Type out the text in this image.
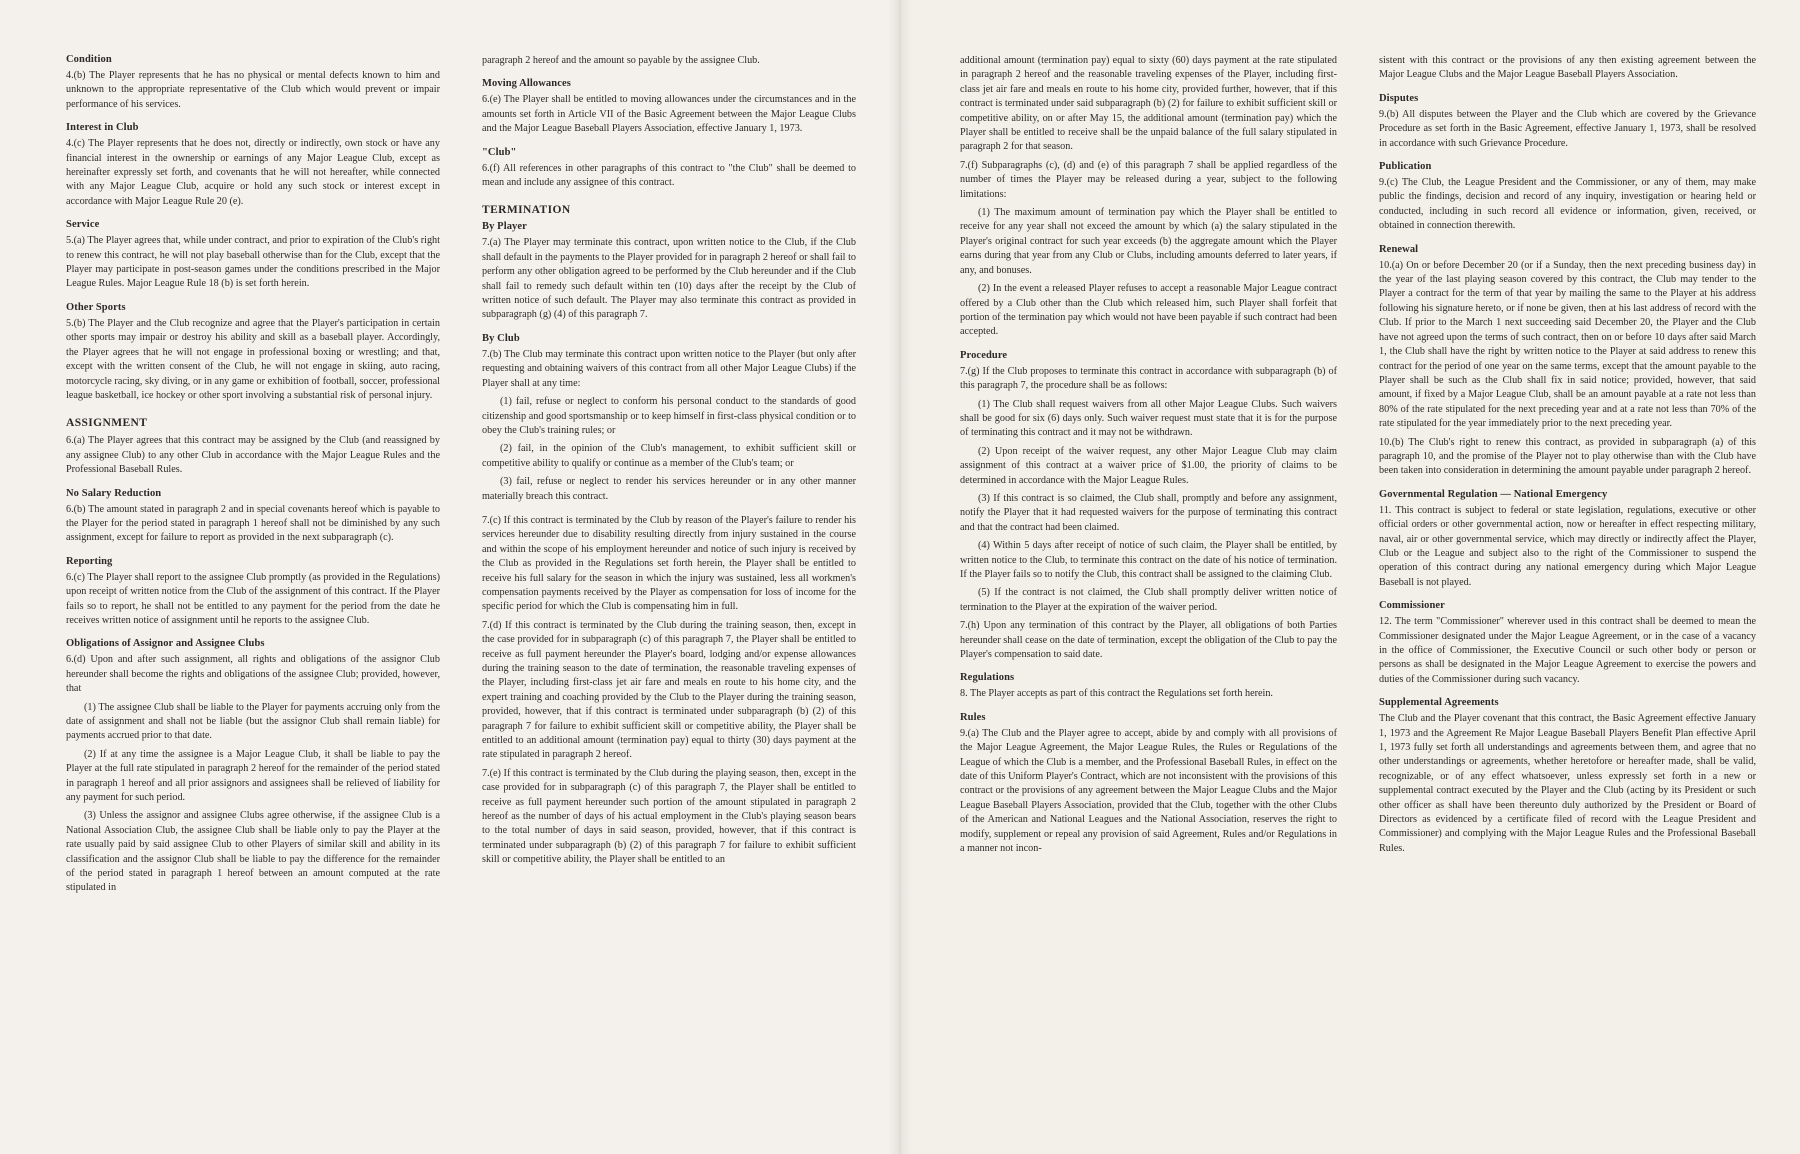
Condition

4.(b) The Player represents that he has no physical or mental defects known to him and unknown to the appropriate representative of the Club which would prevent or impair performance of his services.

Interest in Club

4.(c) The Player represents that he does not, directly or indirectly, own stock or have any financial interest in the ownership or earnings of any Major League Club, except as hereinafter expressly set forth, and covenants that he will not hereafter, while connected with any Major League Club, acquire or hold any such stock or interest except in accordance with Major League Rule 20 (e).

Service

5.(a) The Player agrees that, while under contract, and prior to expiration of the Club's right to renew this contract, he will not play baseball otherwise than for the Club, except that the Player may participate in post-season games under the conditions prescribed in the Major League Rules. Major League Rule 18 (b) is set forth herein.

Other Sports

5.(b) The Player and the Club recognize and agree that the Player's participation in certain other sports may impair or destroy his ability and skill as a baseball player. Accordingly, the Player agrees that he will not engage in professional boxing or wrestling; and that, except with the written consent of the Club, he will not engage in skiing, auto racing, motorcycle racing, sky diving, or in any game or exhibition of football, soccer, professional league basketball, ice hockey or other sport involving a substantial risk of personal injury.

ASSIGNMENT

6.(a) The Player agrees that this contract may be assigned by the Club (and reassigned by any assignee Club) to any other Club in accordance with the Major League Rules and the Professional Baseball Rules.

No Salary Reduction

6.(b) The amount stated in paragraph 2 and in special covenants hereof which is payable to the Player for the period stated in paragraph 1 hereof shall not be diminished by any such assignment, except for failure to report as provided in the next subparagraph (c).

Reporting

6.(c) The Player shall report to the assignee Club promptly (as provided in the Regulations) upon receipt of written notice from the Club of the assignment of this contract. If the Player fails so to report, he shall not be entitled to any payment for the period from the date he receives written notice of assignment until he reports to the assignee Club.

Obligations of Assignor and Assignee Clubs

6.(d) Upon and after such assignment, all rights and obligations of the assignor Club hereunder shall become the rights and obligations of the assignee Club; provided, however, that

(1) The assignee Club shall be liable to the Player for payments accruing only from the date of assignment and shall not be liable (but the assignor Club shall remain liable) for payments accrued prior to that date.

(2) If at any time the assignee is a Major League Club, it shall be liable to pay the Player at the full rate stipulated in paragraph 2 hereof for the remainder of the period stated in paragraph 1 hereof and all prior assignors and assignees shall be relieved of liability for any payment for such period.

(3) Unless the assignor and assignee Clubs agree otherwise, if the assignee Club is a National Association Club, the assignee Club shall be liable only to pay the Player at the rate usually paid by said assignee Club to other Players of similar skill and ability in its classification and the assignor Club shall be liable to pay the difference for the remainder of the period stated in paragraph 1 hereof between an amount computed at the rate stipulated in

paragraph 2 hereof and the amount so payable by the assignee Club.

Moving Allowances

6.(e) The Player shall be entitled to moving allowances under the circumstances and in the amounts set forth in Article VII of the Basic Agreement between the Major League Clubs and the Major League Baseball Players Association, effective January 1, 1973.

"Club"

6.(f) All references in other paragraphs of this contract to "the Club" shall be deemed to mean and include any assignee of this contract.

TERMINATION
By Player

7.(a) The Player may terminate this contract, upon written notice to the Club, if the Club shall default in the payments to the Player provided for in paragraph 2 hereof or shall fail to perform any other obligation agreed to be performed by the Club hereunder and if the Club shall fail to remedy such default within ten (10) days after the receipt by the Club of written notice of such default. The Player may also terminate this contract as provided in subparagraph (g) (4) of this paragraph 7.

By Club

7.(b) The Club may terminate this contract upon written notice to the Player (but only after requesting and obtaining waivers of this contract from all other Major League Clubs) if the Player shall at any time:

(1) fail, refuse or neglect to conform his personal conduct to the standards of good citizenship and good sportsmanship or to keep himself in first-class physical condition or to obey the Club's training rules; or

(2) fail, in the opinion of the Club's management, to exhibit sufficient skill or competitive ability to qualify or continue as a member of the Club's team; or

(3) fail, refuse or neglect to render his services hereunder or in any other manner materially breach this contract.

7.(c) If this contract is terminated by the Club by reason of the Player's failure to render his services hereunder due to disability resulting directly from injury sustained in the course and within the scope of his employment hereunder and notice of such injury is received by the Club as provided in the Regulations set forth herein, the Player shall be entitled to receive his full salary for the season in which the injury was sustained, less all workmen's compensation payments received by the Player as compensation for loss of income for the specific period for which the Club is compensating him in full.

7.(d) If this contract is terminated by the Club during the training season, then, except in the case provided for in subparagraph (c) of this paragraph 7, the Player shall be entitled to receive as full payment hereunder the Player's board, lodging and/or expense allowances during the training season to the date of termination, the reasonable traveling expenses of the Player, including first-class jet air fare and meals en route to his home city, and the expert training and coaching provided by the Club to the Player during the training season, provided, however, that if this contract is terminated under subparagraph (b) (2) of this paragraph 7 for failure to exhibit sufficient skill or competitive ability, the Player shall be entitled to an additional amount (termination pay) equal to thirty (30) days payment at the rate stipulated in paragraph 2 hereof.

7.(e) If this contract is terminated by the Club during the playing season, then, except in the case provided for in subparagraph (c) of this paragraph 7, the Player shall be entitled to receive as full payment hereunder such portion of the amount stipulated in paragraph 2 hereof as the number of days of his actual employment in the Club's playing season bears to the total number of days in said season, provided, however, that if this contract is terminated under subparagraph (b) (2) of this paragraph 7 for failure to exhibit sufficient skill or competitive ability, the Player shall be entitled to an

additional amount (termination pay) equal to sixty (60) days payment at the rate stipulated in paragraph 2 hereof and the reasonable traveling expenses of the Player, including first-class jet air fare and meals en route to his home city, provided further, however, that if this contract is terminated under said subparagraph (b) (2) for failure to exhibit sufficient skill or competitive ability, on or after May 15, the additional amount (termination pay) which the Player shall be entitled to receive shall be the unpaid balance of the full salary stipulated in paragraph 2 for that season.

7.(f) Subparagraphs (c), (d) and (e) of this paragraph 7 shall be applied regardless of the number of times the Player may be released during a year, subject to the following limitations:

(1) The maximum amount of termination pay which the Player shall be entitled to receive for any year shall not exceed the amount by which (a) the salary stipulated in the Player's original contract for such year exceeds (b) the aggregate amount which the Player earns during that year from any Club or Clubs, including amounts deferred to later years, if any, and bonuses.

(2) In the event a released Player refuses to accept a reasonable Major League contract offered by a Club other than the Club which released him, such Player shall forfeit that portion of the termination pay which would not have been payable if such contract had been accepted.

Procedure

7.(g) If the Club proposes to terminate this contract in accordance with subparagraph (b) of this paragraph 7, the procedure shall be as follows:

(1) The Club shall request waivers from all other Major League Clubs. Such waivers shall be good for six (6) days only. Such waiver request must state that it is for the purpose of terminating this contract and it may not be withdrawn.

(2) Upon receipt of the waiver request, any other Major League Club may claim assignment of this contract at a waiver price of $1.00, the priority of claims to be determined in accordance with the Major League Rules.

(3) If this contract is so claimed, the Club shall, promptly and before any assignment, notify the Player that it had requested waivers for the purpose of terminating this contract and that the contract had been claimed.

(4) Within 5 days after receipt of notice of such claim, the Player shall be entitled, by written notice to the Club, to terminate this contract on the date of his notice of termination. If the Player fails so to notify the Club, this contract shall be assigned to the claiming Club.

(5) If the contract is not claimed, the Club shall promptly deliver written notice of termination to the Player at the expiration of the waiver period.

7.(h) Upon any termination of this contract by the Player, all obligations of both Parties hereunder shall cease on the date of termination, except the obligation of the Club to pay the Player's compensation to said date.

Regulations

8. The Player accepts as part of this contract the Regulations set forth herein.

Rules

9.(a) The Club and the Player agree to accept, abide by and comply with all provisions of the Major League Agreement, the Major League Rules, the Rules or Regulations of the League of which the Club is a member, and the Professional Baseball Rules, in effect on the date of this Uniform Player's Contract, which are not inconsistent with the provisions of this contract or the provisions of any agreement between the Major League Clubs and the Major League Baseball Players Association, provided that the Club, together with the other Clubs of the American and National Leagues and the National Association, reserves the right to modify, supplement or repeal any provision of said Agreement, Rules and/or Regulations in a manner not incon-

sistent with this contract or the provisions of any then existing agreement between the Major League Clubs and the Major League Baseball Players Association.

Disputes

9.(b) All disputes between the Player and the Club which are covered by the Grievance Procedure as set forth in the Basic Agreement, effective January 1, 1973, shall be resolved in accordance with such Grievance Procedure.

Publication

9.(c) The Club, the League President and the Commissioner, or any of them, may make public the findings, decision and record of any inquiry, investigation or hearing held or conducted, including in such record all evidence or information, given, received, or obtained in connection therewith.

Renewal

10.(a) On or before December 20 (or if a Sunday, then the next preceding business day) in the year of the last playing season covered by this contract, the Club may tender to the Player a contract for the term of that year by mailing the same to the Player at his address following his signature hereto, or if none be given, then at his last address of record with the Club. If prior to the March 1 next succeeding said December 20, the Player and the Club have not agreed upon the terms of such contract, then on or before 10 days after said March 1, the Club shall have the right by written notice to the Player at said address to renew this contract for the period of one year on the same terms, except that the amount payable to the Player shall be such as the Club shall fix in said notice; provided, however, that said amount, if fixed by a Major League Club, shall be an amount payable at a rate not less than 80% of the rate stipulated for the next preceding year and at a rate not less than 70% of the rate stipulated for the year immediately prior to the next preceding year.

10.(b) The Club's right to renew this contract, as provided in subparagraph (a) of this paragraph 10, and the promise of the Player not to play otherwise than with the Club have been taken into consideration in determining the amount payable under paragraph 2 hereof.

Governmental Regulation — National Emergency

11. This contract is subject to federal or state legislation, regulations, executive or other official orders or other governmental action, now or hereafter in effect respecting military, naval, air or other governmental service, which may directly or indirectly affect the Player, Club or the League and subject also to the right of the Commissioner to suspend the operation of this contract during any national emergency during which Major League Baseball is not played.

Commissioner

12. The term "Commissioner" wherever used in this contract shall be deemed to mean the Commissioner designated under the Major League Agreement, or in the case of a vacancy in the office of Commissioner, the Executive Council or such other body or person or persons as shall be designated in the Major League Agreement to exercise the powers and duties of the Commissioner during such vacancy.

Supplemental Agreements

The Club and the Player covenant that this contract, the Basic Agreement effective January 1, 1973 and the Agreement Re Major League Baseball Players Benefit Plan effective April 1, 1973 fully set forth all understandings and agreements between them, and agree that no other understandings or agreements, whether heretofore or hereafter made, shall be valid, recognizable, or of any effect whatsoever, unless expressly set forth in a new or supplemental contract executed by the Player and the Club (acting by its President or such other officer as shall have been thereunto duly authorized by the President or Board of Directors as evidenced by a certificate filed of record with the League President and Commissioner) and complying with the Major League Rules and the Professional Baseball Rules.
